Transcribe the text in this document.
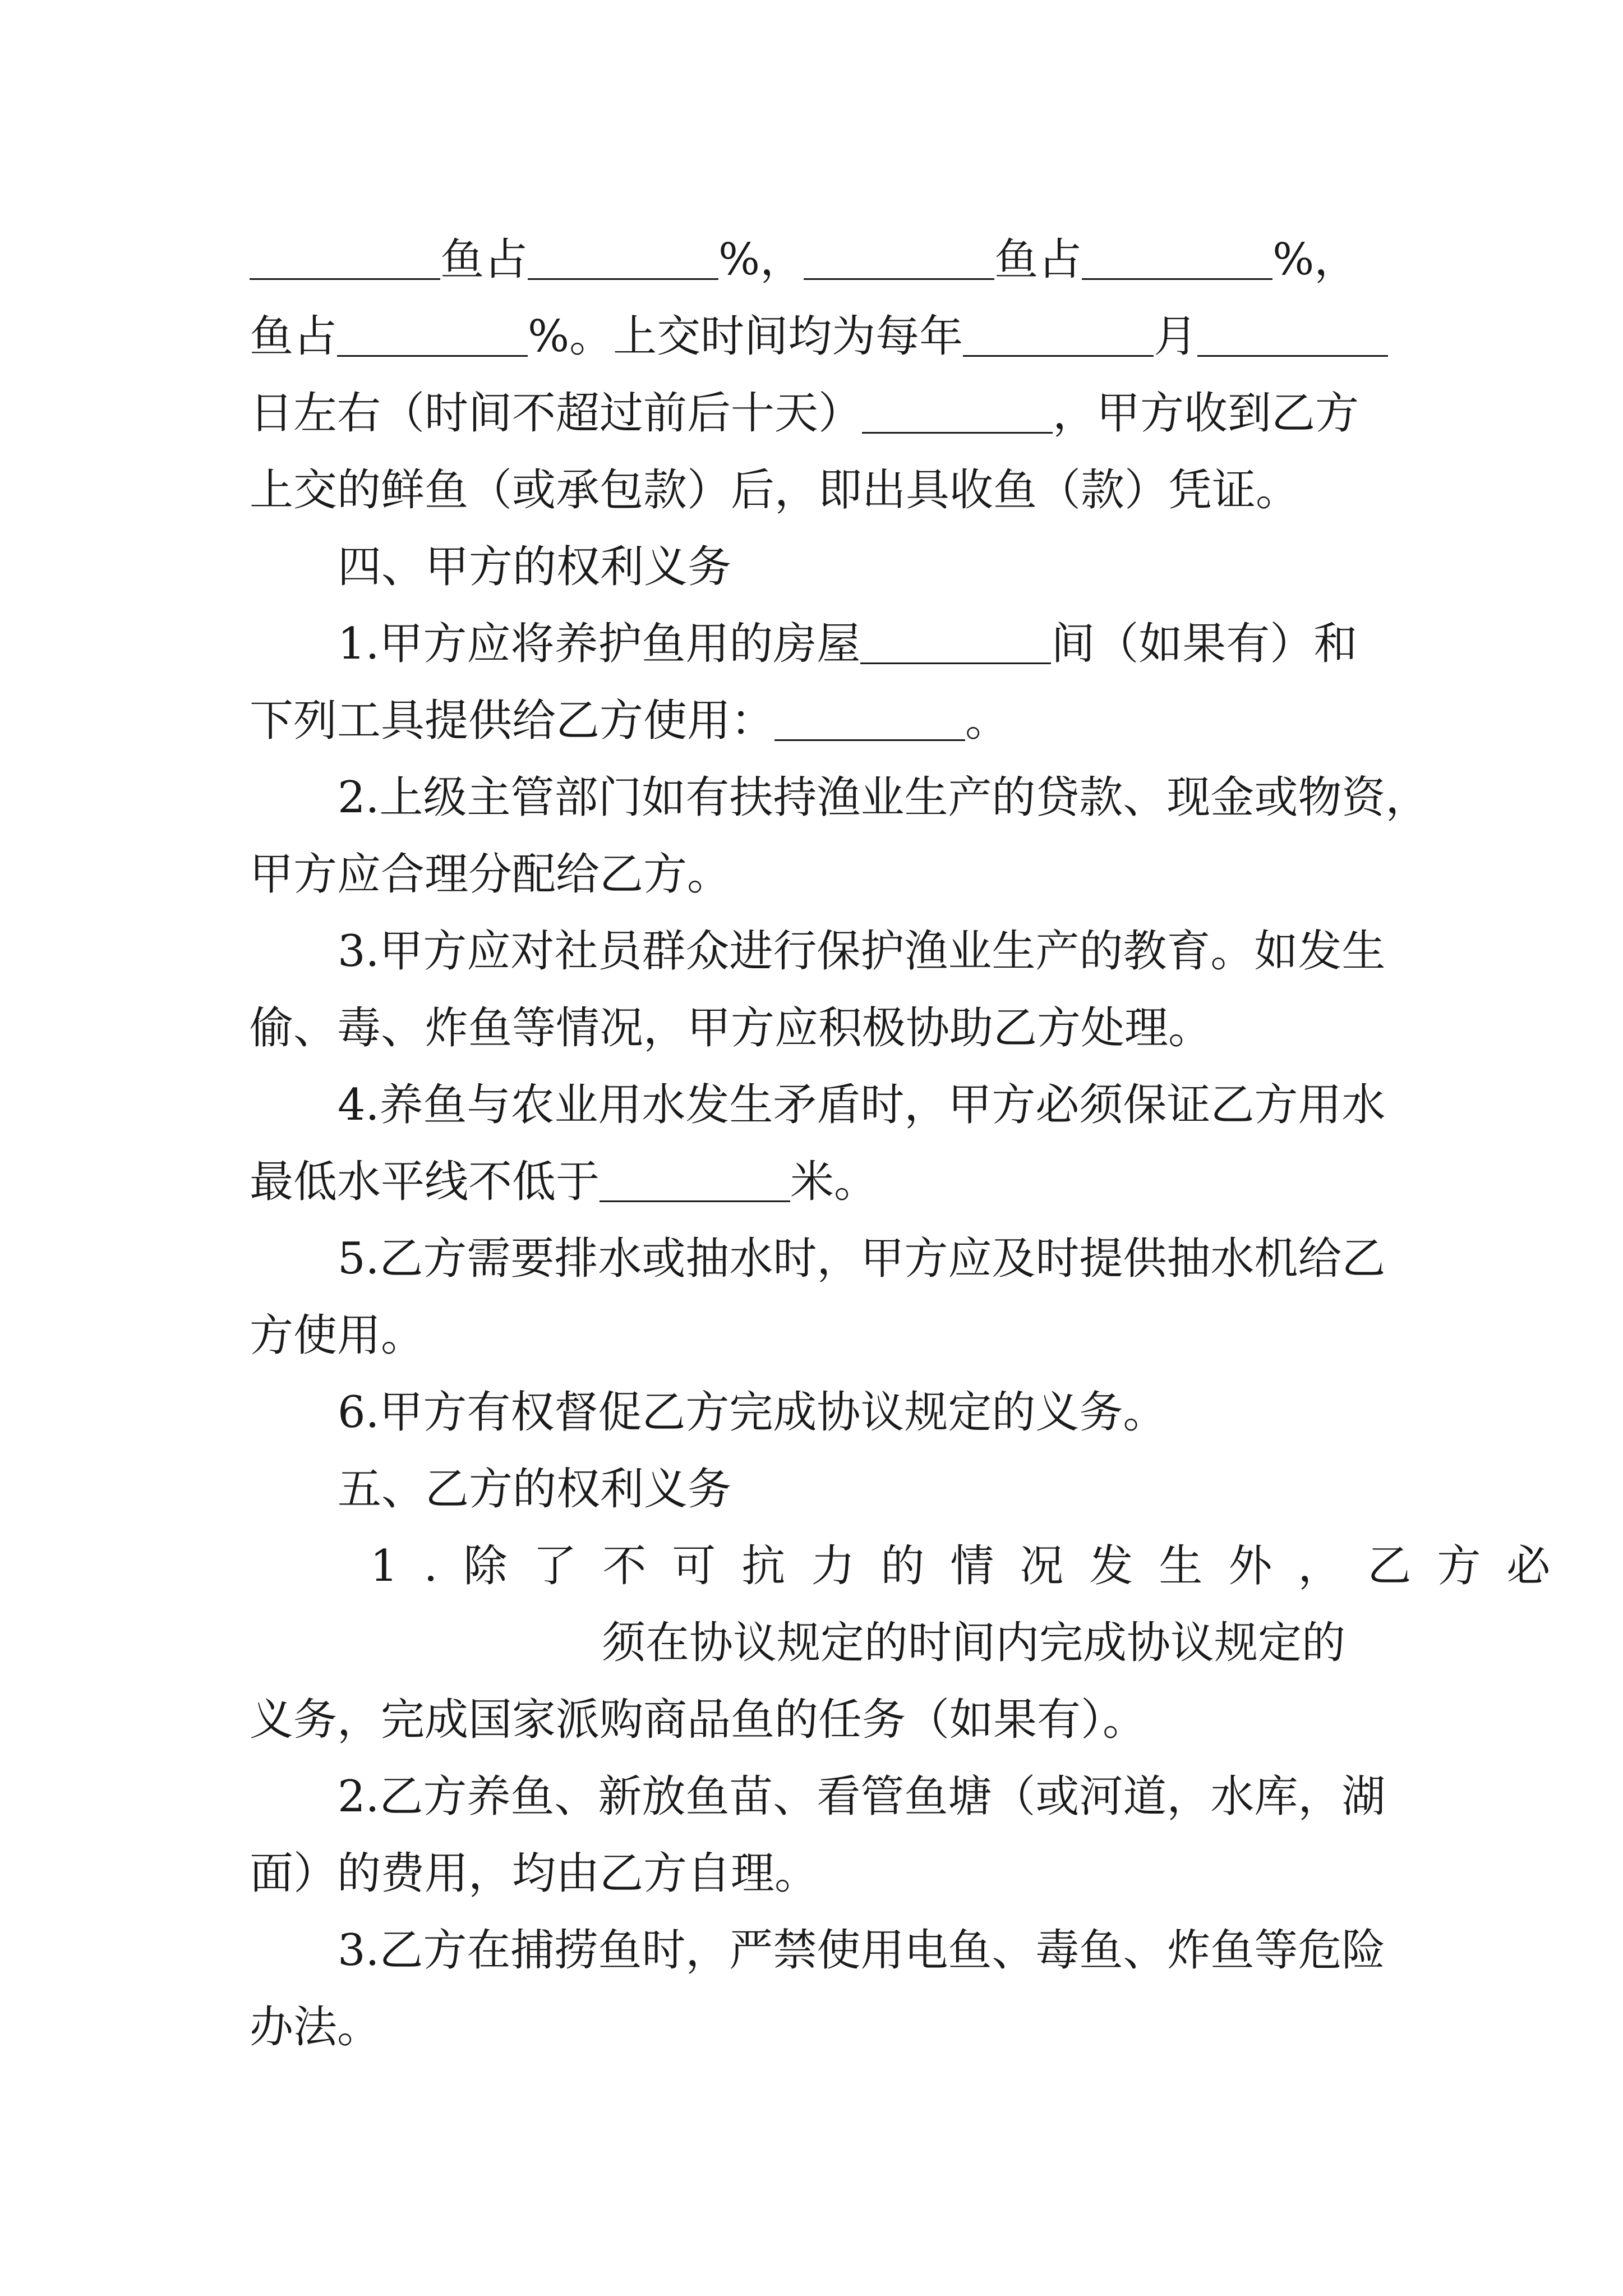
鱼占	%，	鱼占	%，
鱼占	%。上交时间均为每年	月
日左右（时间不超过前后十天）	，甲方收到乙方
上交的鲜鱼（或承包款）后，即出具收鱼（款）凭证。
四、甲方的权利义务
1.甲方应将养护鱼用的房屋	间（如果有）和
下列工具提供给乙方使用：	。
2.上级主管部门如有扶持渔业生产的贷款、现金或物资，
甲方应合理分配给乙方。
3.甲方应对社员群众进行保护渔业生产的教育。如发生
偷、毒、炸鱼等情况，甲方应积极协助乙方处理。
4.养鱼与农业用水发生矛盾时，甲方必须保证乙方用水
最低水平线不低于	米。
5.乙方需要排水或抽水时，甲方应及时提供抽水机给乙
方使用。
6.甲方有权督促乙方完成协议规定的义务。
五、乙方的权利义务
1.除了不可抗力的情况发生外，乙方必
须在协议规定的时间内完成协议规定的
义务，完成国家派购商品鱼的任务（如果有）。
2.乙方养鱼、新放鱼苗、看管鱼塘（或河道，水库，湖
面）的费用，均由乙方自理。
3.乙方在捕捞鱼时，严禁使用电鱼、毒鱼、炸鱼等危险
办法。
